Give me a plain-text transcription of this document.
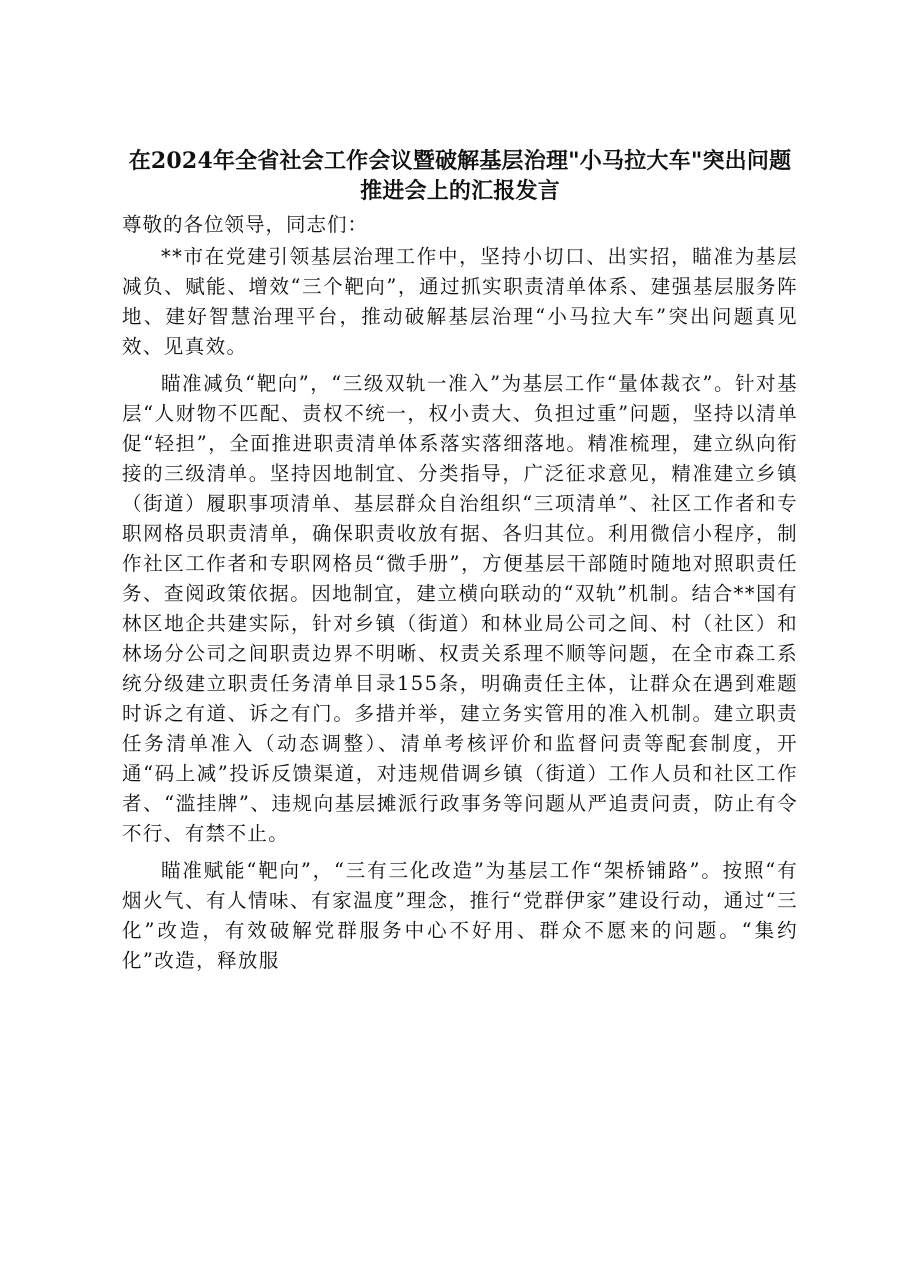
在2024年全省社会工作会议暨破解基层治理"小马拉大车"突出问题推进会上的汇报发言

尊敬的各位领导，同志们：

**市在党建引领基层治理工作中，坚持小切口、出实招，瞄准为基层减负、赋能、增效“三个靶向”，通过抓实职责清单体系、建强基层服务阵地、建好智慧治理平台，推动破解基层治理“小马拉大车”突出问题真见效、见真效。

瞄准减负“靶向”，“三级双轨一准入”为基层工作“量体裁衣”。针对基层“人财物不匹配、责权不统一，权小责大、负担过重”问题，坚持以清单促“轻担”，全面推进职责清单体系落实落细落地。精准梳理，建立纵向衔接的三级清单。坚持因地制宜、分类指导，广泛征求意见，精准建立乡镇（街道）履职事项清单、基层群众自治组织“三项清单”、社区工作者和专职网格员职责清单，确保职责收放有据、各归其位。利用微信小程序，制作社区工作者和专职网格员“微手册”，方便基层干部随时随地对照职责任务、查阅政策依据。因地制宜，建立横向联动的“双轨”机制。结合**国有林区地企共建实际，针对乡镇（街道）和林业局公司之间、村（社区）和林场分公司之间职责边界不明晰、权责关系理不顺等问题，在全市森工系统分级建立职责任务清单目录155条，明确责任主体，让群众在遇到难题时诉之有道、诉之有门。多措并举，建立务实管用的准入机制。建立职责任务清单准入（动态调整）、清单考核评价和监督问责等配套制度，开通“码上减”投诉反馈渠道，对违规借调乡镇（街道）工作人员和社区工作者、“滥挂牌”、违规向基层摊派行政事务等问题从严追责问责，防止有令不行、有禁不止。

瞄准赋能“靶向”，“三有三化改造”为基层工作“架桥铺路”。按照“有烟火气、有人情味、有家温度”理念，推行“党群伊家”建设行动，通过“三化”改造，有效破解党群服务中心不好用、群众不愿来的问题。“集约化”改造，释放服
